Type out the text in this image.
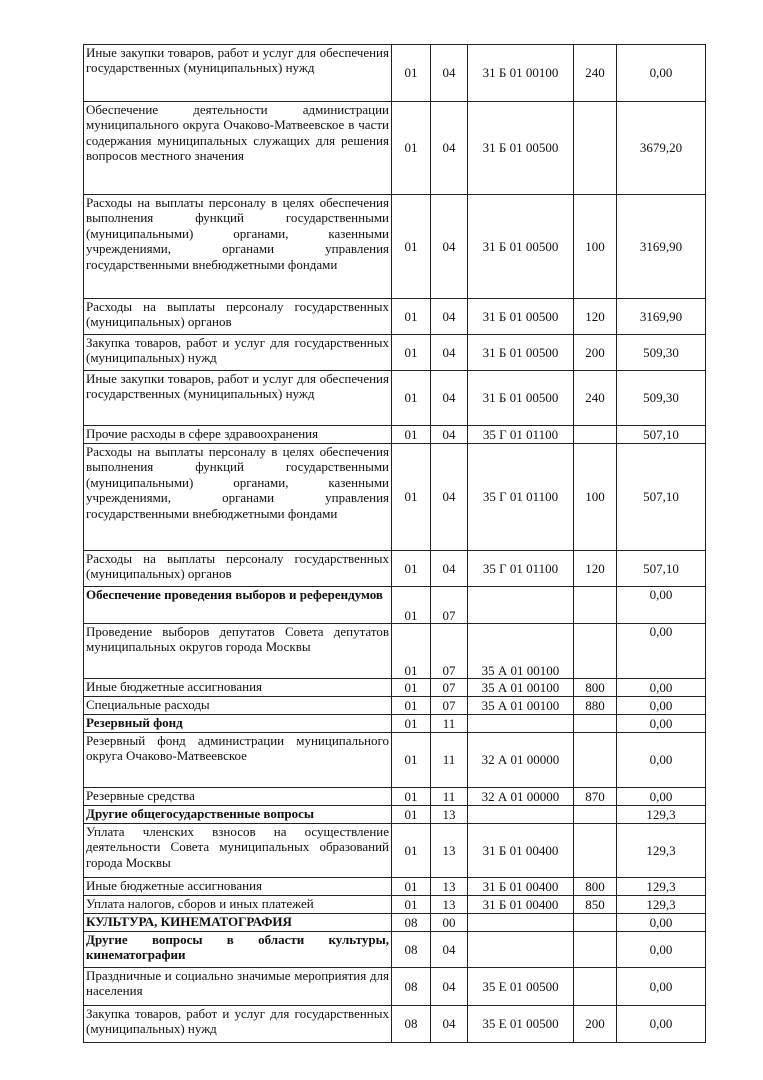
Иные закупки товаров, работ и услуг для обеспечения государственных (муниципальных) нужд	01	04	31 Б 01 00100	240	0,00
Обеспечение деятельности администрации муниципального округа Очаково-Матвеевское в части содержания муниципальных служащих для решения вопросов местного значения	01	04	31 Б 01 00500		3679,20
Расходы на выплаты персоналу в целях обеспечения выполнения функций государственными (муниципальными) органами, казенными учреждениями, органами управления государственными внебюджетными фондами	01	04	31 Б 01 00500	100	3169,90
Расходы на выплаты персоналу государственных (муниципальных) органов	01	04	31 Б 01 00500	120	3169,90
Закупка товаров, работ и услуг для государственных (муниципальных) нужд	01	04	31 Б 01 00500	200	509,30
Иные закупки товаров, работ и услуг для обеспечения государственных (муниципальных) нужд	01	04	31 Б 01 00500	240	509,30
Прочие расходы в сфере здравоохранения	01	04	35 Г 01 01100		507,10
Расходы на выплаты персоналу в целях обеспечения выполнения функций государственными (муниципальными) органами, казенными учреждениями, органами управления государственными внебюджетными фондами	01	04	35 Г 01 01100	100	507,10
Расходы на выплаты персоналу государственных (муниципальных) органов	01	04	35 Г 01 01100	120	507,10
Обеспечение проведения выборов и референдумов	01	07			0,00
Проведение выборов депутатов Совета депутатов муниципальных округов города Москвы	01	07	35 А 01 00100		0,00
Иные бюджетные ассигнования	01	07	35 А 01 00100	800	0,00
Специальные расходы	01	07	35 А 01 00100	880	0,00
Резервный фонд	01	11			0,00
Резервный фонд администрации муниципального округа Очаково-Матвеевское	01	11	32 А 01 00000		0,00
Резервные средства	01	11	32 А 01 00000	870	0,00
Другие общегосударственные вопросы	01	13			129,3
Уплата членских взносов на осуществление деятельности Совета муниципальных образований города Москвы	01	13	31 Б 01 00400		129,3
Иные бюджетные ассигнования	01	13	31 Б 01 00400	800	129,3
Уплата налогов, сборов и иных платежей	01	13	31 Б 01 00400	850	129,3
КУЛЬТУРА, КИНЕМАТОГРАФИЯ	08	00			0,00
Другие вопросы в области культуры, кинематографии	08	04			0,00
Праздничные и социально значимые мероприятия для населения	08	04	35 Е 01 00500		0,00
Закупка товаров, работ и услуг для государственных (муниципальных) нужд	08	04	35 Е 01 00500	200	0,00
